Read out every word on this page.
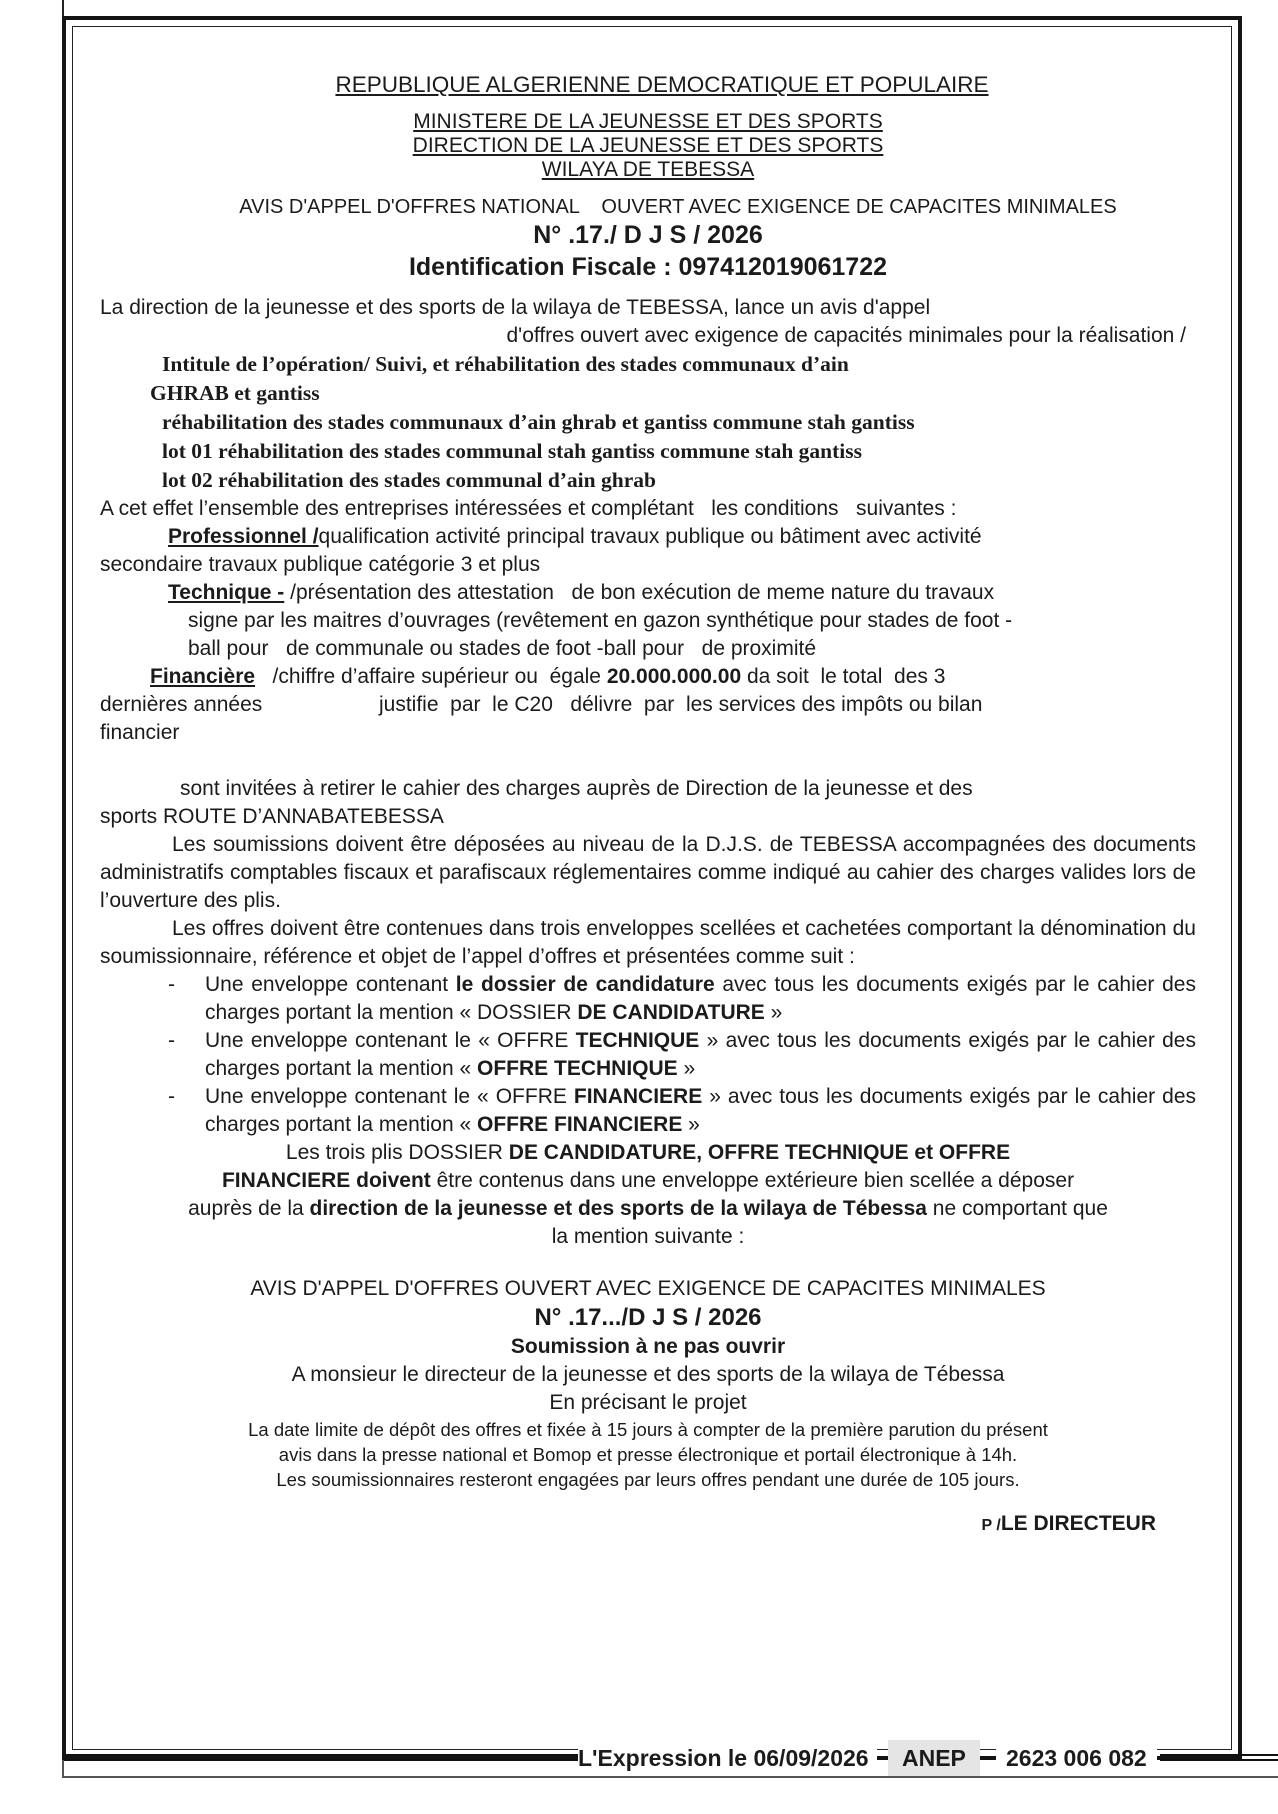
REPUBLIQUE ALGERIENNE DEMOCRATIQUE ET POPULAIRE

MINISTERE DE LA JEUNESSE ET DES SPORTS

DIRECTION DE LA JEUNESSE ET DES SPORTS

WILAYA DE TEBESSA

AVIS D'APPEL D'OFFRES NATIONAL    OUVERT AVEC EXIGENCE DE CAPACITES MINIMALES

N° .17./ D J S / 2026

Identification Fiscale : 097412019061722

La direction de la jeunesse et des sports de la wilaya de TEBESSA, lance un avis d'appel

d'offres ouvert avec exigence de capacités minimales pour la réalisation /

Intitule de l’opération/ Suivi, et réhabilitation des stades communaux d’ain

GHRAB et gantiss

réhabilitation des stades communaux d’ain ghrab et gantiss commune stah gantiss

lot 01 réhabilitation des stades communal stah gantiss commune stah gantiss

lot 02 réhabilitation des stades communal d’ain ghrab

A cet effet l’ensemble des entreprises intéressées et complétant   les conditions   suivantes :

Professionnel /qualification activité principal travaux publique ou bâtiment avec activité

secondaire travaux publique catégorie 3 et plus

Technique - /présentation des attestation   de bon exécution de meme nature du travaux

signe par les maitres d’ouvrages (revêtement en gazon synthétique pour stades de foot -

ball pour   de communale ou stades de foot -ball pour   de proximité

Financière   /chiffre d’affaire supérieur ou  égale 20.000.000.00 da soit  le total  des 3

dernières années                    justifie  par  le C20   délivre  par  les services des impôts ou bilan

financier

sont invitées à retirer le cahier des charges auprès de Direction de la jeunesse et des

sports ROUTE D’ANNABATEBESSA

Les soumissions doivent être déposées au niveau de la D.J.S. de TEBESSA accompagnées des documents administratifs comptables fiscaux et parafiscaux réglementaires comme indiqué au cahier des charges valides lors de l’ouverture des plis.

Les offres doivent être contenues dans trois enveloppes scellées et cachetées comportant la dénomination du soumissionnaire, référence et objet de l’appel d’offres et présentées comme suit :

- Une enveloppe contenant le dossier de candidature avec tous les documents exigés par le cahier des charges portant la mention « DOSSIER DE CANDIDATURE »
- Une enveloppe contenant le « OFFRE TECHNIQUE » avec tous les documents exigés par le cahier des charges portant la mention « OFFRE TECHNIQUE »
- Une enveloppe contenant le « OFFRE FINANCIERE » avec tous les documents exigés par le cahier des charges portant la mention « OFFRE FINANCIERE »

Les trois plis DOSSIER DE CANDIDATURE, OFFRE TECHNIQUE et OFFRE

FINANCIERE doivent être contenus dans une enveloppe extérieure bien scellée a déposer

auprès de la direction de la jeunesse et des sports de la wilaya de Tébessa ne comportant que

la mention suivante :

AVIS D'APPEL D'OFFRES OUVERT AVEC EXIGENCE DE CAPACITES MINIMALES

N° .17.../D J S / 2026

Soumission à ne pas ouvrir

A monsieur le directeur de la jeunesse et des sports de la wilaya de Tébessa

En précisant le projet

La date limite de dépôt des offres et fixée à 15 jours à compter de la première parution du présent

avis dans la presse national et Bomop et presse électronique et portail électronique à 14h.

Les soumissionnaires resteront engagées par leurs offres pendant une durée de 105 jours.

P /LE DIRECTEUR

L'Expression le 06/09/2026	ANEP	2623 006 082
